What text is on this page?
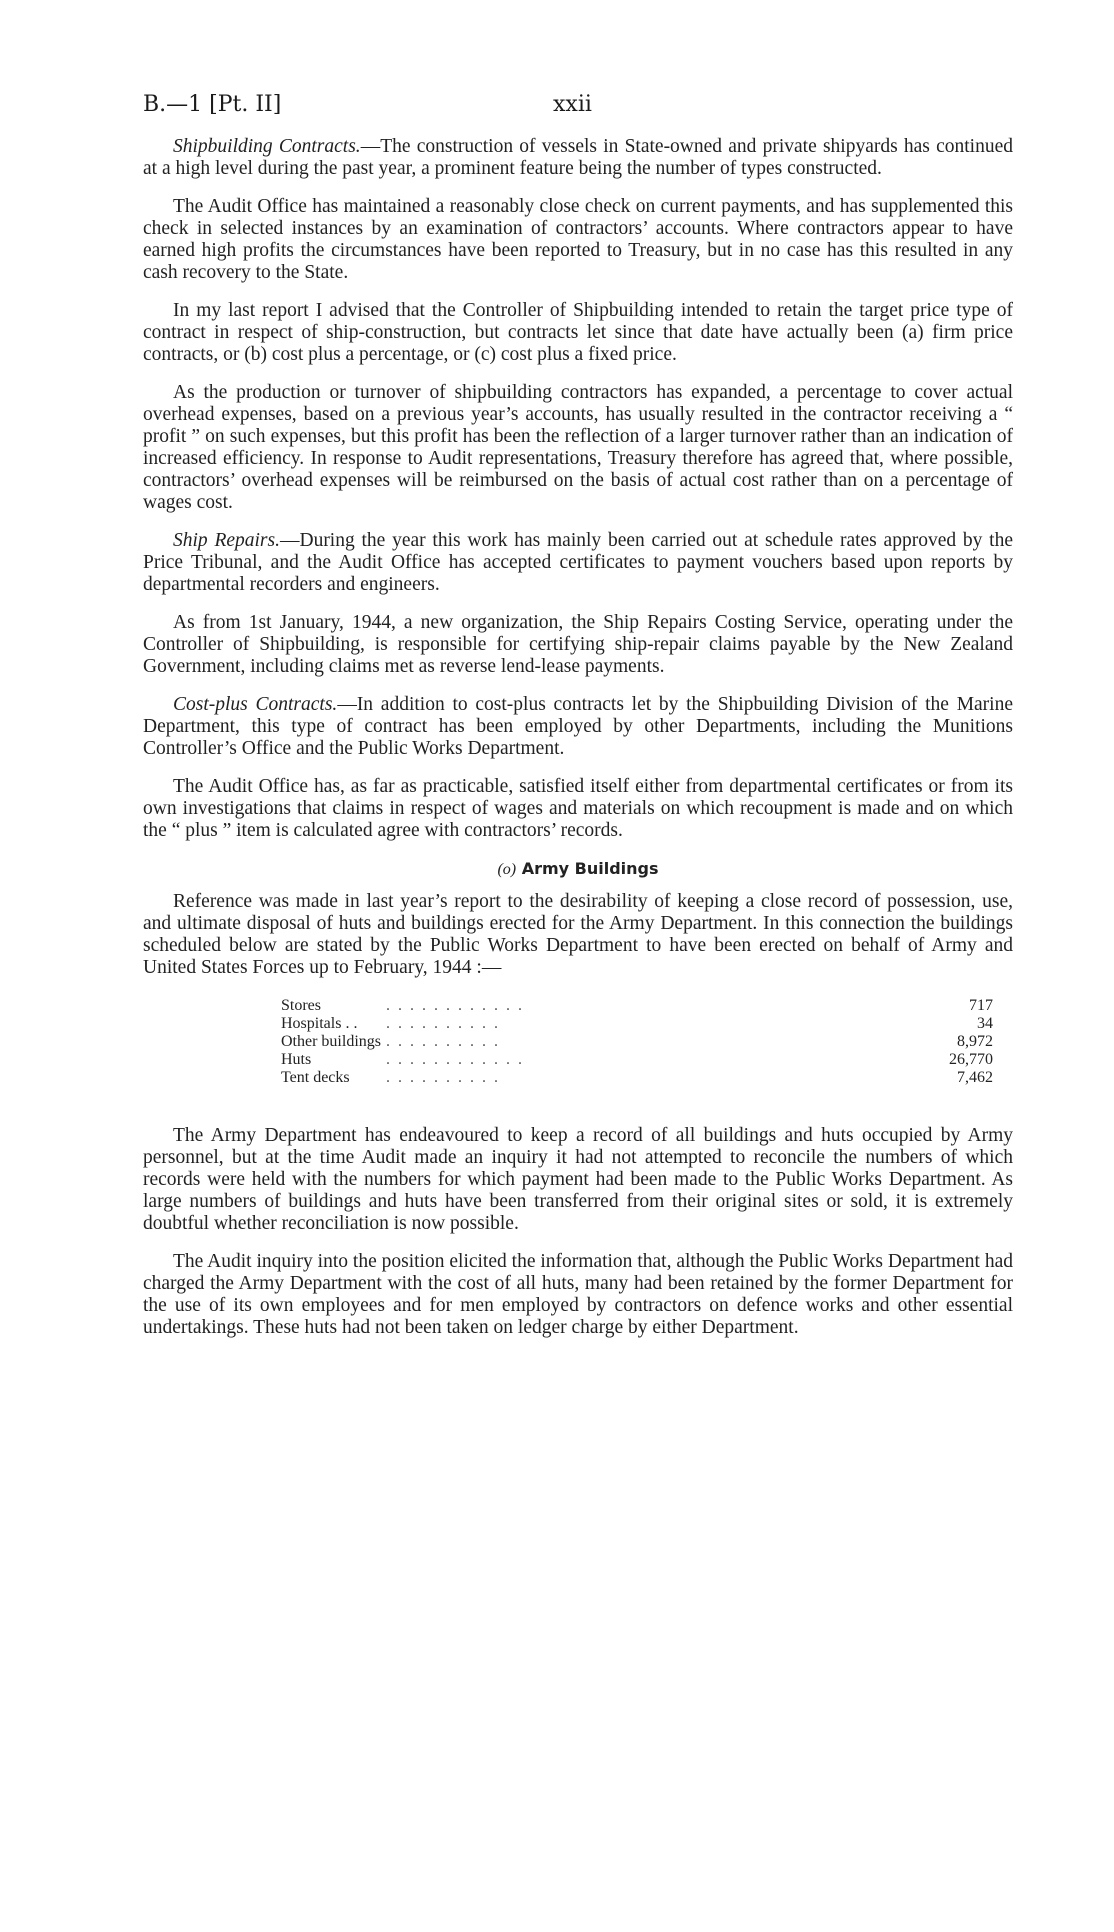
B.—1 [Pt. II]	xxii

Shipbuilding Contracts.—The construction of vessels in State-owned and private shipyards has continued at a high level during the past year, a prominent feature being the number of types constructed.

The Audit Office has maintained a reasonably close check on current payments, and has supplemented this check in selected instances by an examination of contractors’ accounts. Where contractors appear to have earned high profits the circumstances have been reported to Treasury, but in no case has this resulted in any cash recovery to the State.

In my last report I advised that the Controller of Shipbuilding intended to retain the target price type of contract in respect of ship-construction, but contracts let since that date have actually been (a) firm price contracts, or (b) cost plus a percentage, or (c) cost plus a fixed price.

As the production or turnover of shipbuilding contractors has expanded, a percentage to cover actual overhead expenses, based on a previous year’s accounts, has usually resulted in the contractor receiving a “ profit ” on such expenses, but this profit has been the reflection of a larger turnover rather than an indication of increased efficiency. In response to Audit representations, Treasury therefore has agreed that, where possible, contractors’ overhead expenses will be reimbursed on the basis of actual cost rather than on a percentage of wages cost.

Ship Repairs.—During the year this work has mainly been carried out at schedule rates approved by the Price Tribunal, and the Audit Office has accepted certificates to payment vouchers based upon reports by departmental recorders and engineers.

As from 1st January, 1944, a new organization, the Ship Repairs Costing Service, operating under the Controller of Shipbuilding, is responsible for certifying ship-repair claims payable by the New Zealand Government, including claims met as reverse lend-lease payments.

Cost-plus Contracts.—In addition to cost-plus contracts let by the Shipbuilding Division of the Marine Department, this type of contract has been employed by other Departments, including the Munitions Controller’s Office and the Public Works Department.

The Audit Office has, as far as practicable, satisfied itself either from departmental certificates or from its own investigations that claims in respect of wages and materials on which recoupment is made and on which the “ plus ” item is calculated agree with contractors’ records.

(o) Army Buildings

Reference was made in last year’s report to the desirability of keeping a close record of possession, use, and ultimate disposal of huts and buildings erected for the Army Department. In this connection the buildings scheduled below are stated by the Public Works Department to have been erected on behalf of Army and United States Forces up to February, 1944 :—

Stores	. . . . . . . . . . . .	717
Hospitals . .	. . . . . . . . . .	34
Other buildings . . . . . . . . . .	8,972
Huts	. . . . . . . . . . . .	26,770
Tent decks	. . . . . . . . . .	7,462

The Army Department has endeavoured to keep a record of all buildings and huts occupied by Army personnel, but at the time Audit made an inquiry it had not attempted to reconcile the numbers of which records were held with the numbers for which payment had been made to the Public Works Department. As large numbers of buildings and huts have been transferred from their original sites or sold, it is extremely doubtful whether reconciliation is now possible.

The Audit inquiry into the position elicited the information that, although the Public Works Department had charged the Army Department with the cost of all huts, many had been retained by the former Department for the use of its own employees and for men employed by contractors on defence works and other essential undertakings. These huts had not been taken on ledger charge by either Department.
